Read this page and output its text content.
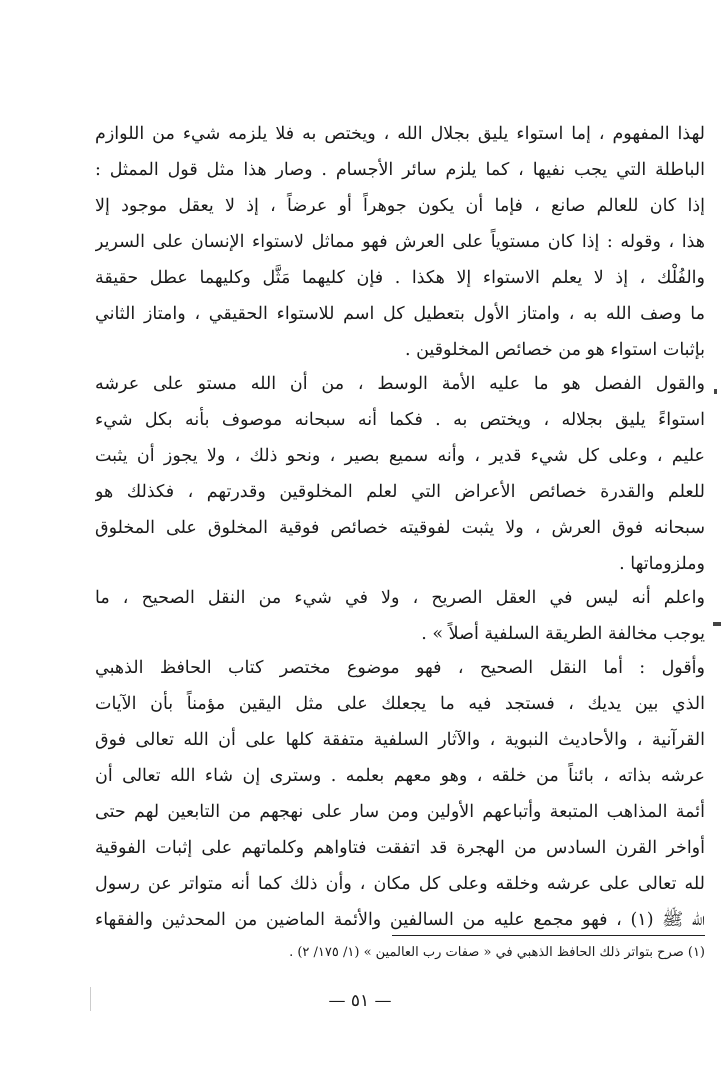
لهذا المفهوم ، إما استواء يليق بجلال الله ، ويختص به فلا يلزمه شيء من اللوازم
الباطلة التي يجب نفيها ، كما يلزم سائر الأجسام . وصار هذا مثل قول الممثل :
إذا كان للعالم صانع ، فإما أن يكون جوهراً أو عرضاً ، إذ لا يعقل موجود إلا
هذا ، وقوله : إذا كان مستوياً على العرش فهو مماثل لاستواء الإنسان على السرير
والفُلْك ، إذ لا يعلم الاستواء إلا هكذا . فإن كليهما مَثَّل وكليهما عطل حقيقة
ما وصف الله به ، وامتاز الأول بتعطيل كل اسم للاستواء الحقيقي ، وامتاز الثاني
بإثبات استواء هو من خصائص المخلوقين .
والقول الفصل هو ما عليه الأمة الوسط ، من أن الله مستو على عرشه
استواءً يليق بجلاله ، ويختص به . فكما أنه سبحانه موصوف بأنه بكل شيء
عليم ، وعلى كل شيء قدير ، وأنه سميع بصير ، ونحو ذلك ، ولا يجوز أن يثبت
للعلم والقدرة خصائص الأعراض التي لعلم المخلوقين وقدرتهم ، فكذلك هو
سبحانه فوق العرش ، ولا يثبت لفوقيته خصائص فوقية المخلوق على المخلوق
وملزوماتها .
واعلم أنه ليس في العقل الصريح ، ولا في شيء من النقل الصحيح ، ما
يوجب مخالفة الطريقة السلفية أصلاً » .
وأقول : أما النقل الصحيح ، فهو موضوع مختصر كتاب الحافظ الذهبي
الذي بين يديك ، فستجد فيه ما يجعلك على مثل اليقين مؤمناً بأن الآيات
القرآنية ، والأحاديث النبوية ، والآثار السلفية متفقة كلها على أن الله تعالى فوق
عرشه بذاته ، بائناً من خلقه ، وهو معهم بعلمه . وسترى إن شاء الله تعالى أن
أئمة المذاهب المتبعة وأتباعهم الأولين ومن سار على نهجهم من التابعين لهم حتى
أواخر القرن السادس من الهجرة قد اتفقت فتاواهم وكلماتهم على إثبات الفوقية
لله تعالى على عرشه وخلقه وعلى كل مكان ، وأن ذلك كما أنه متواتر عن رسول
الله ﷺ (١) ، فهو مجمع عليه من السالفين والأئمة الماضين من المحدثين والفقهاء
(١) صرح بتواتر ذلك الحافظ الذهبي في « صفات رب العالمين » (١/ ١٧٥/ ٢) .
— ٥١ —
